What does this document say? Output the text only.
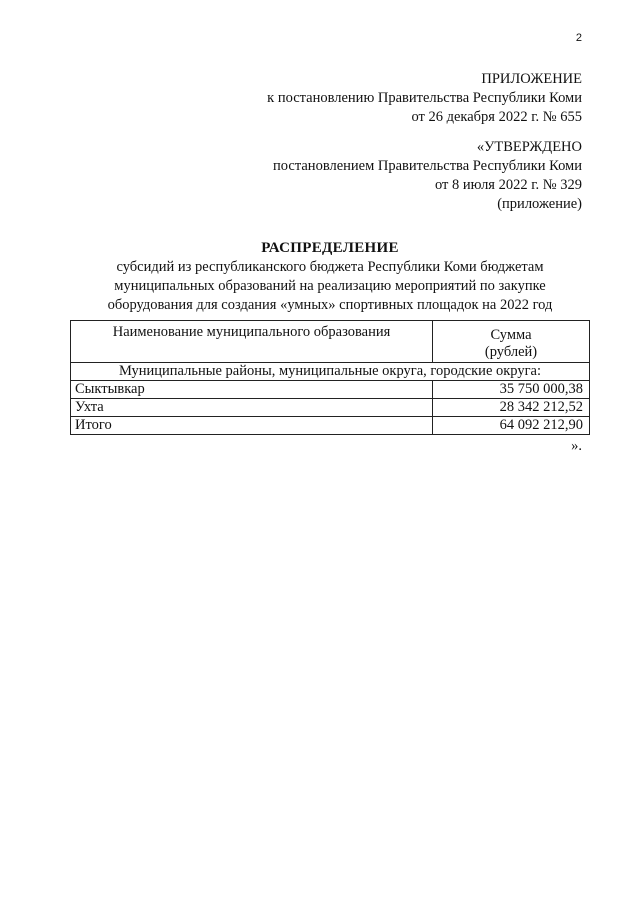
2
ПРИЛОЖЕНИЕ
к постановлению Правительства Республики Коми
от 26 декабря 2022 г. № 655
«УТВЕРЖДЕНО
постановлением Правительства Республики Коми
от 8 июля 2022 г. № 329
(приложение)
РАСПРЕДЕЛЕНИЕ
субсидий из республиканского бюджета Республики Коми бюджетам
муниципальных образований на реализацию мероприятий по закупке
оборудования для создания «умных» спортивных площадок на 2022 год
Наименование муниципального образования	Сумма
(рублей)

Муниципальные районы, муниципальные округа, городские округа:	
Сыктывкар	35 750 000,38
Ухта	28 342 212,52
Итого	64 092 212,90
».
